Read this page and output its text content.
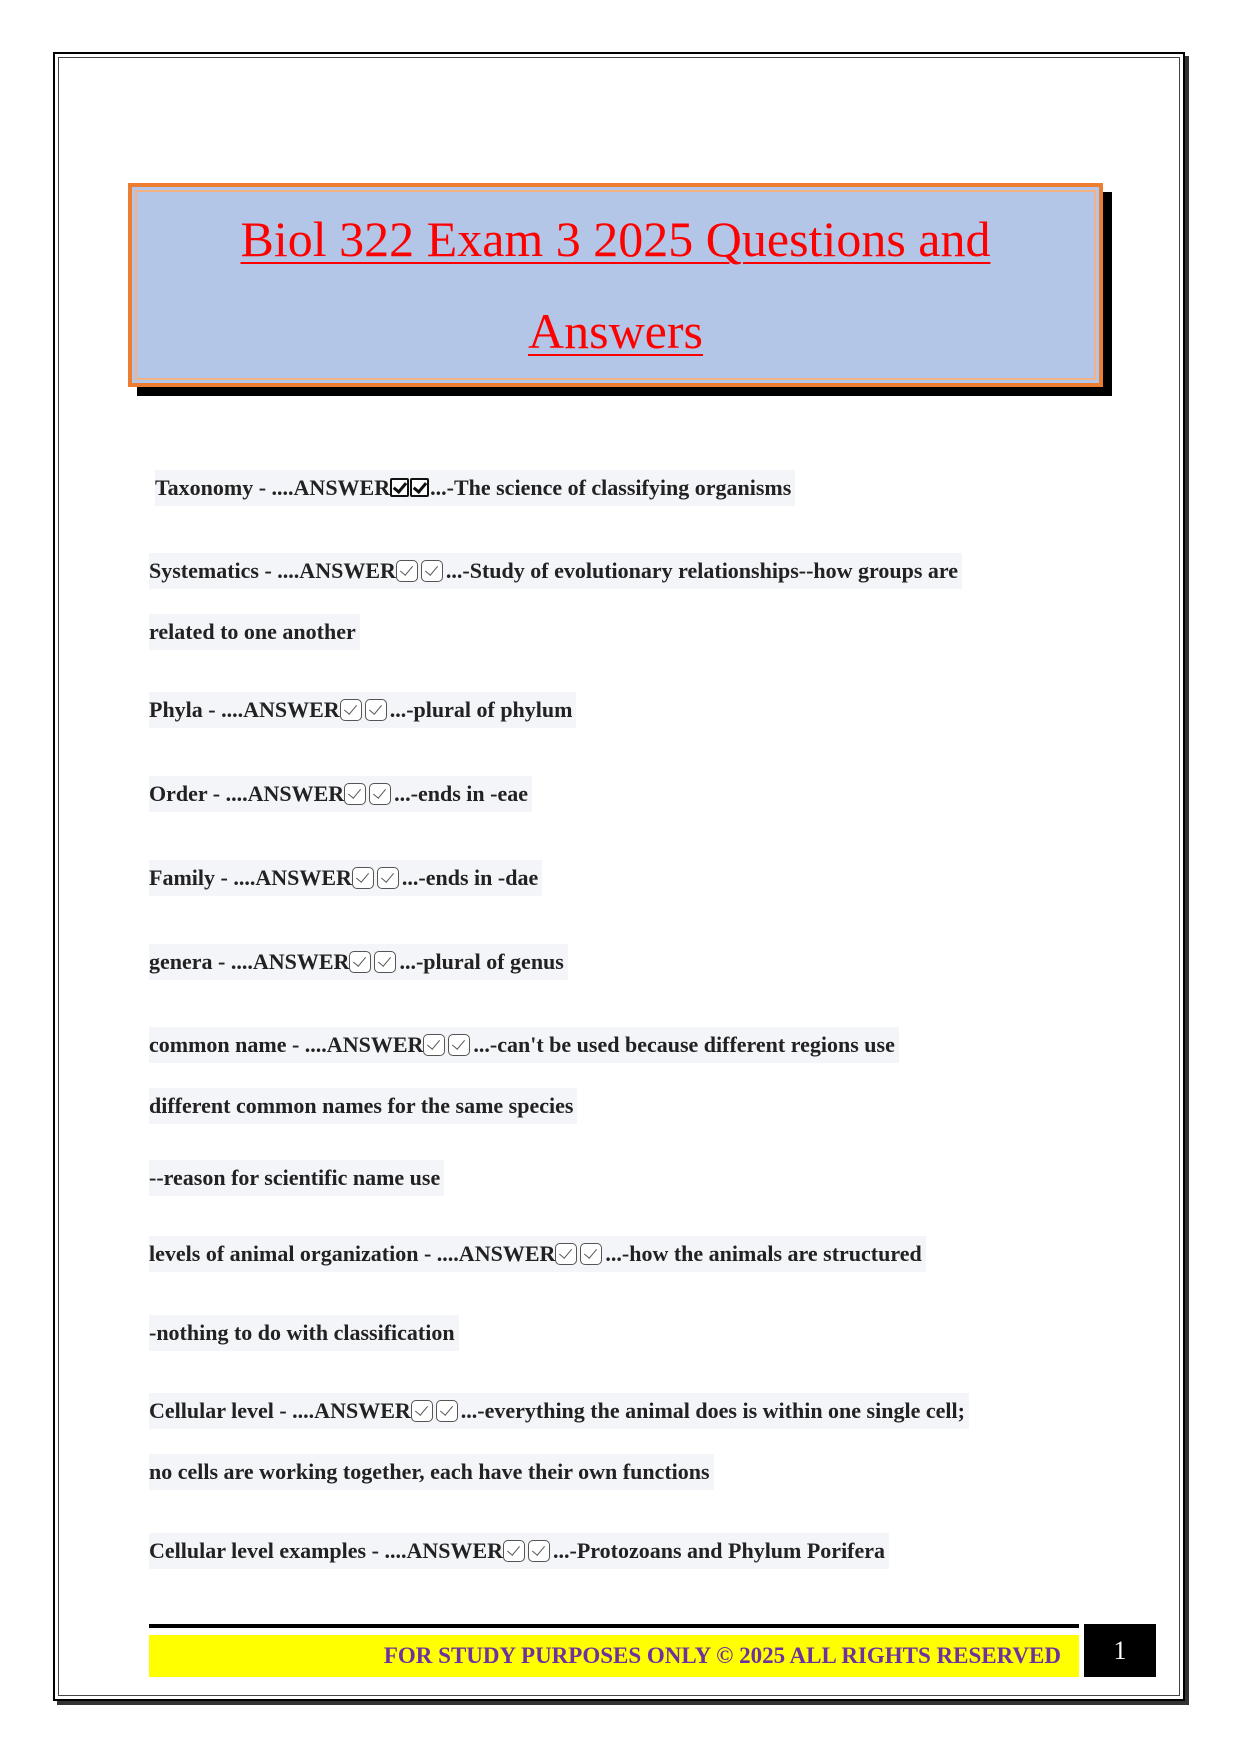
Biol 322 Exam 3 2025 Questions and
Answers
Taxonomy - ....ANSWER ...-The science of classifying organisms
Systematics - ....ANSWER ...-Study of evolutionary relationships--how groups are
related to one another
Phyla - ....ANSWER ...-plural of phylum
Order - ....ANSWER ...-ends in -eae
Family - ....ANSWER ...-ends in -dae
genera - ....ANSWER ...-plural of genus
common name - ....ANSWER ...-can't be used because different regions use
different common names for the same species
--reason for scientific name use
levels of animal organization - ....ANSWER ...-how the animals are structured
-nothing to do with classification
Cellular level - ....ANSWER ...-everything the animal does is within one single cell;
no cells are working together, each have their own functions
Cellular level examples - ....ANSWER ...-Protozoans and Phylum Porifera
FOR STUDY PURPOSES ONLY © 2025 ALL RIGHTS RESERVED	1
